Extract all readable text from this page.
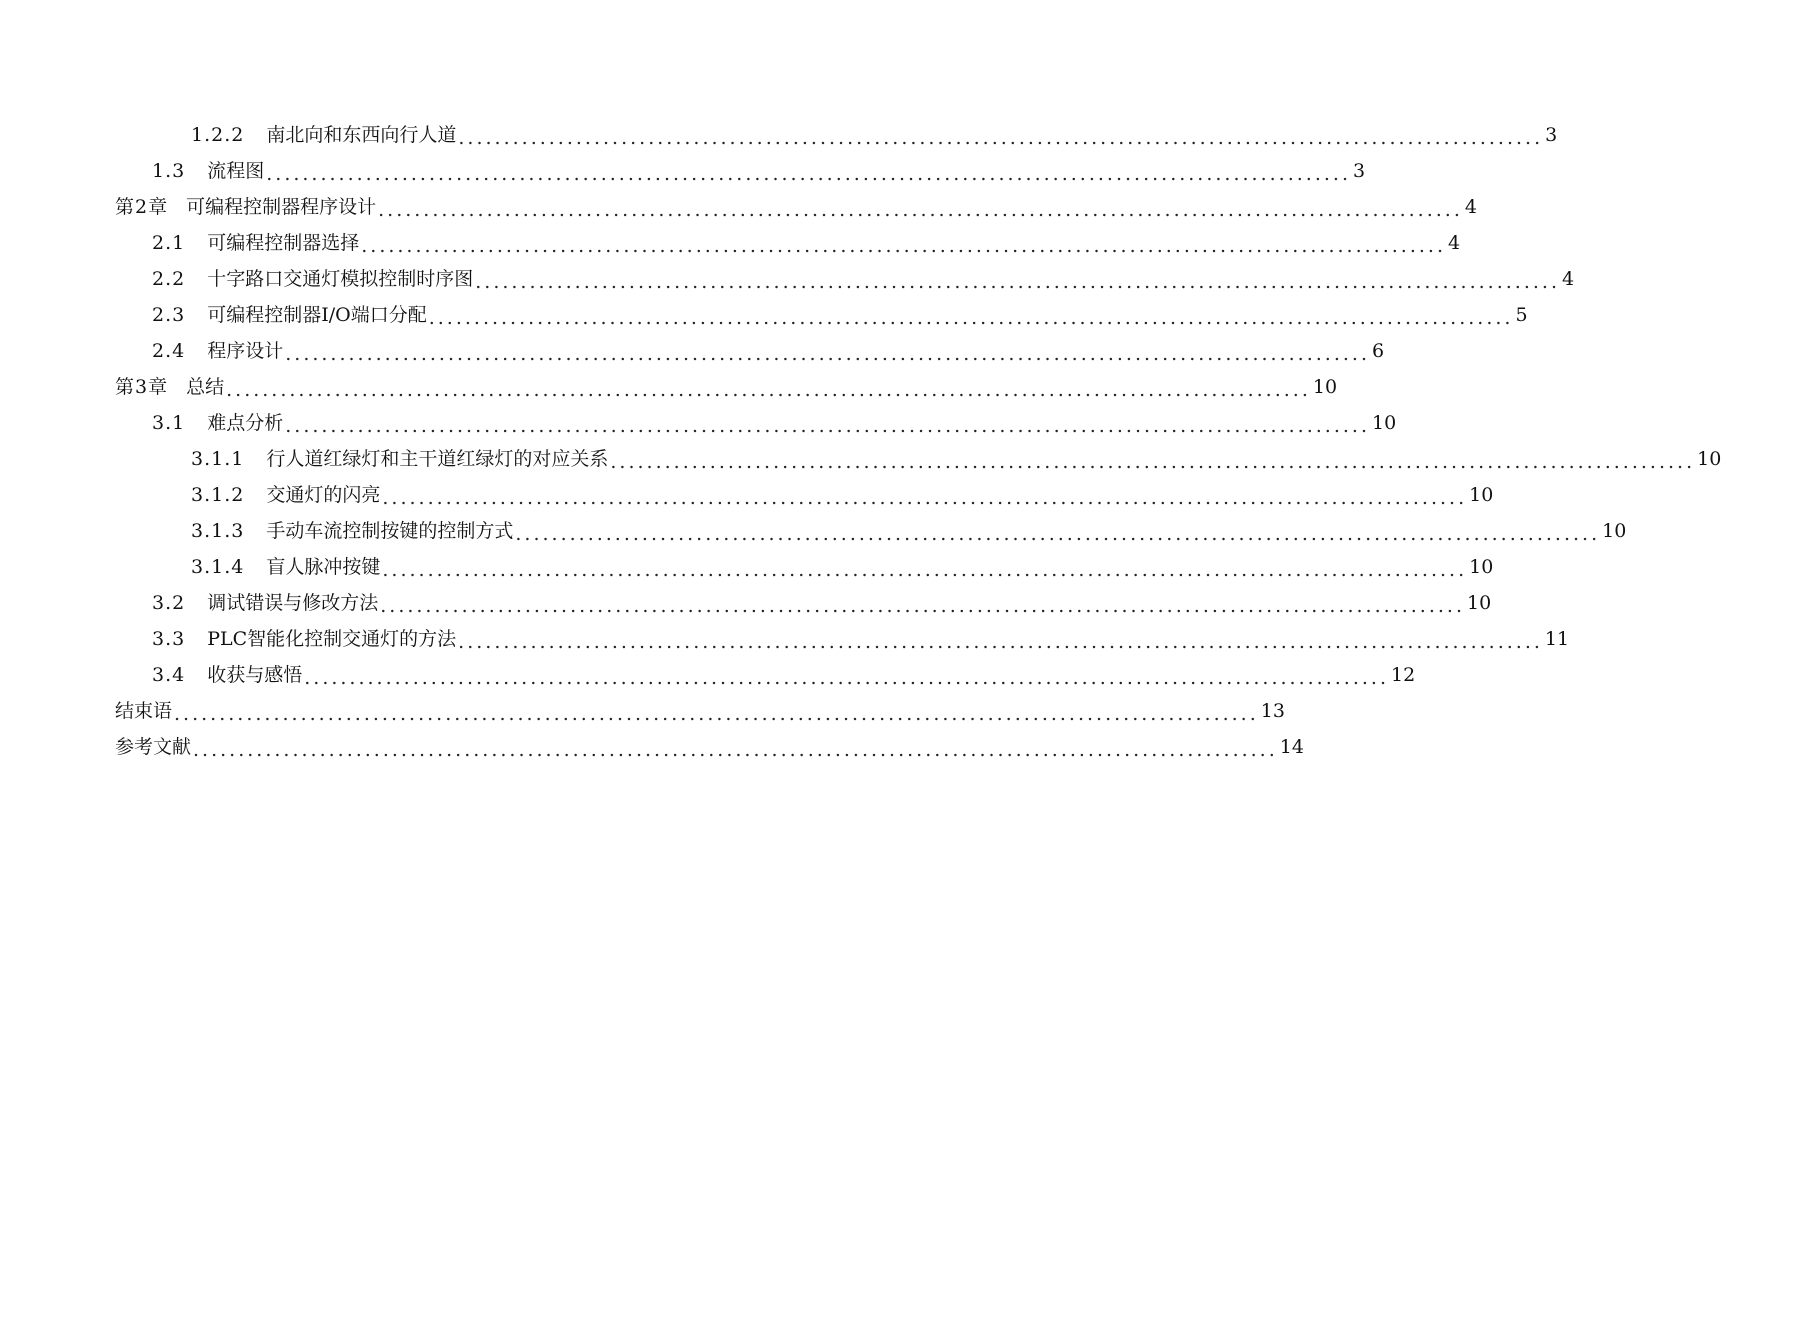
1.2.2 南北向和东西向行人道 ........................................................................................................................ 3
1.3 流程图 ........................................................................................................................ 3
第2章 可编程控制器程序设计 ........................................................................................................................ 4
2.1 可编程控制器选择 ........................................................................................................................ 4
2.2 十字路口交通灯模拟控制时序图 ........................................................................................................................ 4
2.3 可编程控制器I/O端口分配 ........................................................................................................................ 5
2.4 程序设计 ........................................................................................................................ 6
第3章 总结 ........................................................................................................................ 10
3.1 难点分析 ........................................................................................................................ 10
3.1.1 行人道红绿灯和主干道红绿灯的对应关系 ........................................................................................................................ 10
3.1.2 交通灯的闪亮 ........................................................................................................................ 10
3.1.3 手动车流控制按键的控制方式 ........................................................................................................................ 10
3.1.4 盲人脉冲按键 ........................................................................................................................ 10
3.2 调试错误与修改方法 ........................................................................................................................ 10
3.3 PLC智能化控制交通灯的方法 ........................................................................................................................ 11
3.4 收获与感悟 ........................................................................................................................ 12
结束语 ........................................................................................................................ 13
参考文献 ........................................................................................................................ 14
